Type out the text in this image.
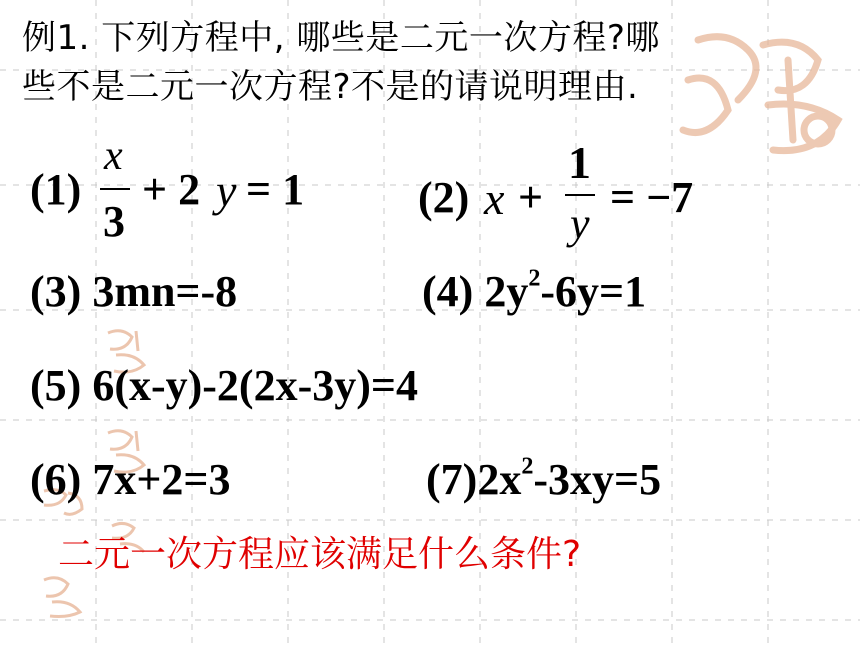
例1. 下列方程中, 哪些是二元一次方程?哪
些不是二元一次方程?不是的请说明理由.
(1)
x
3
+ 2 y = 1	(2) x +
1
y
= −7
(3) 3mn=-8	(4) $2y^2-6y=1$
(5) 6(x-y)-2(2x-3y)=4
(6) 7x+2=3	$(7)2x^2-3xy=5$
二元一次方程应该满足什么条件?
